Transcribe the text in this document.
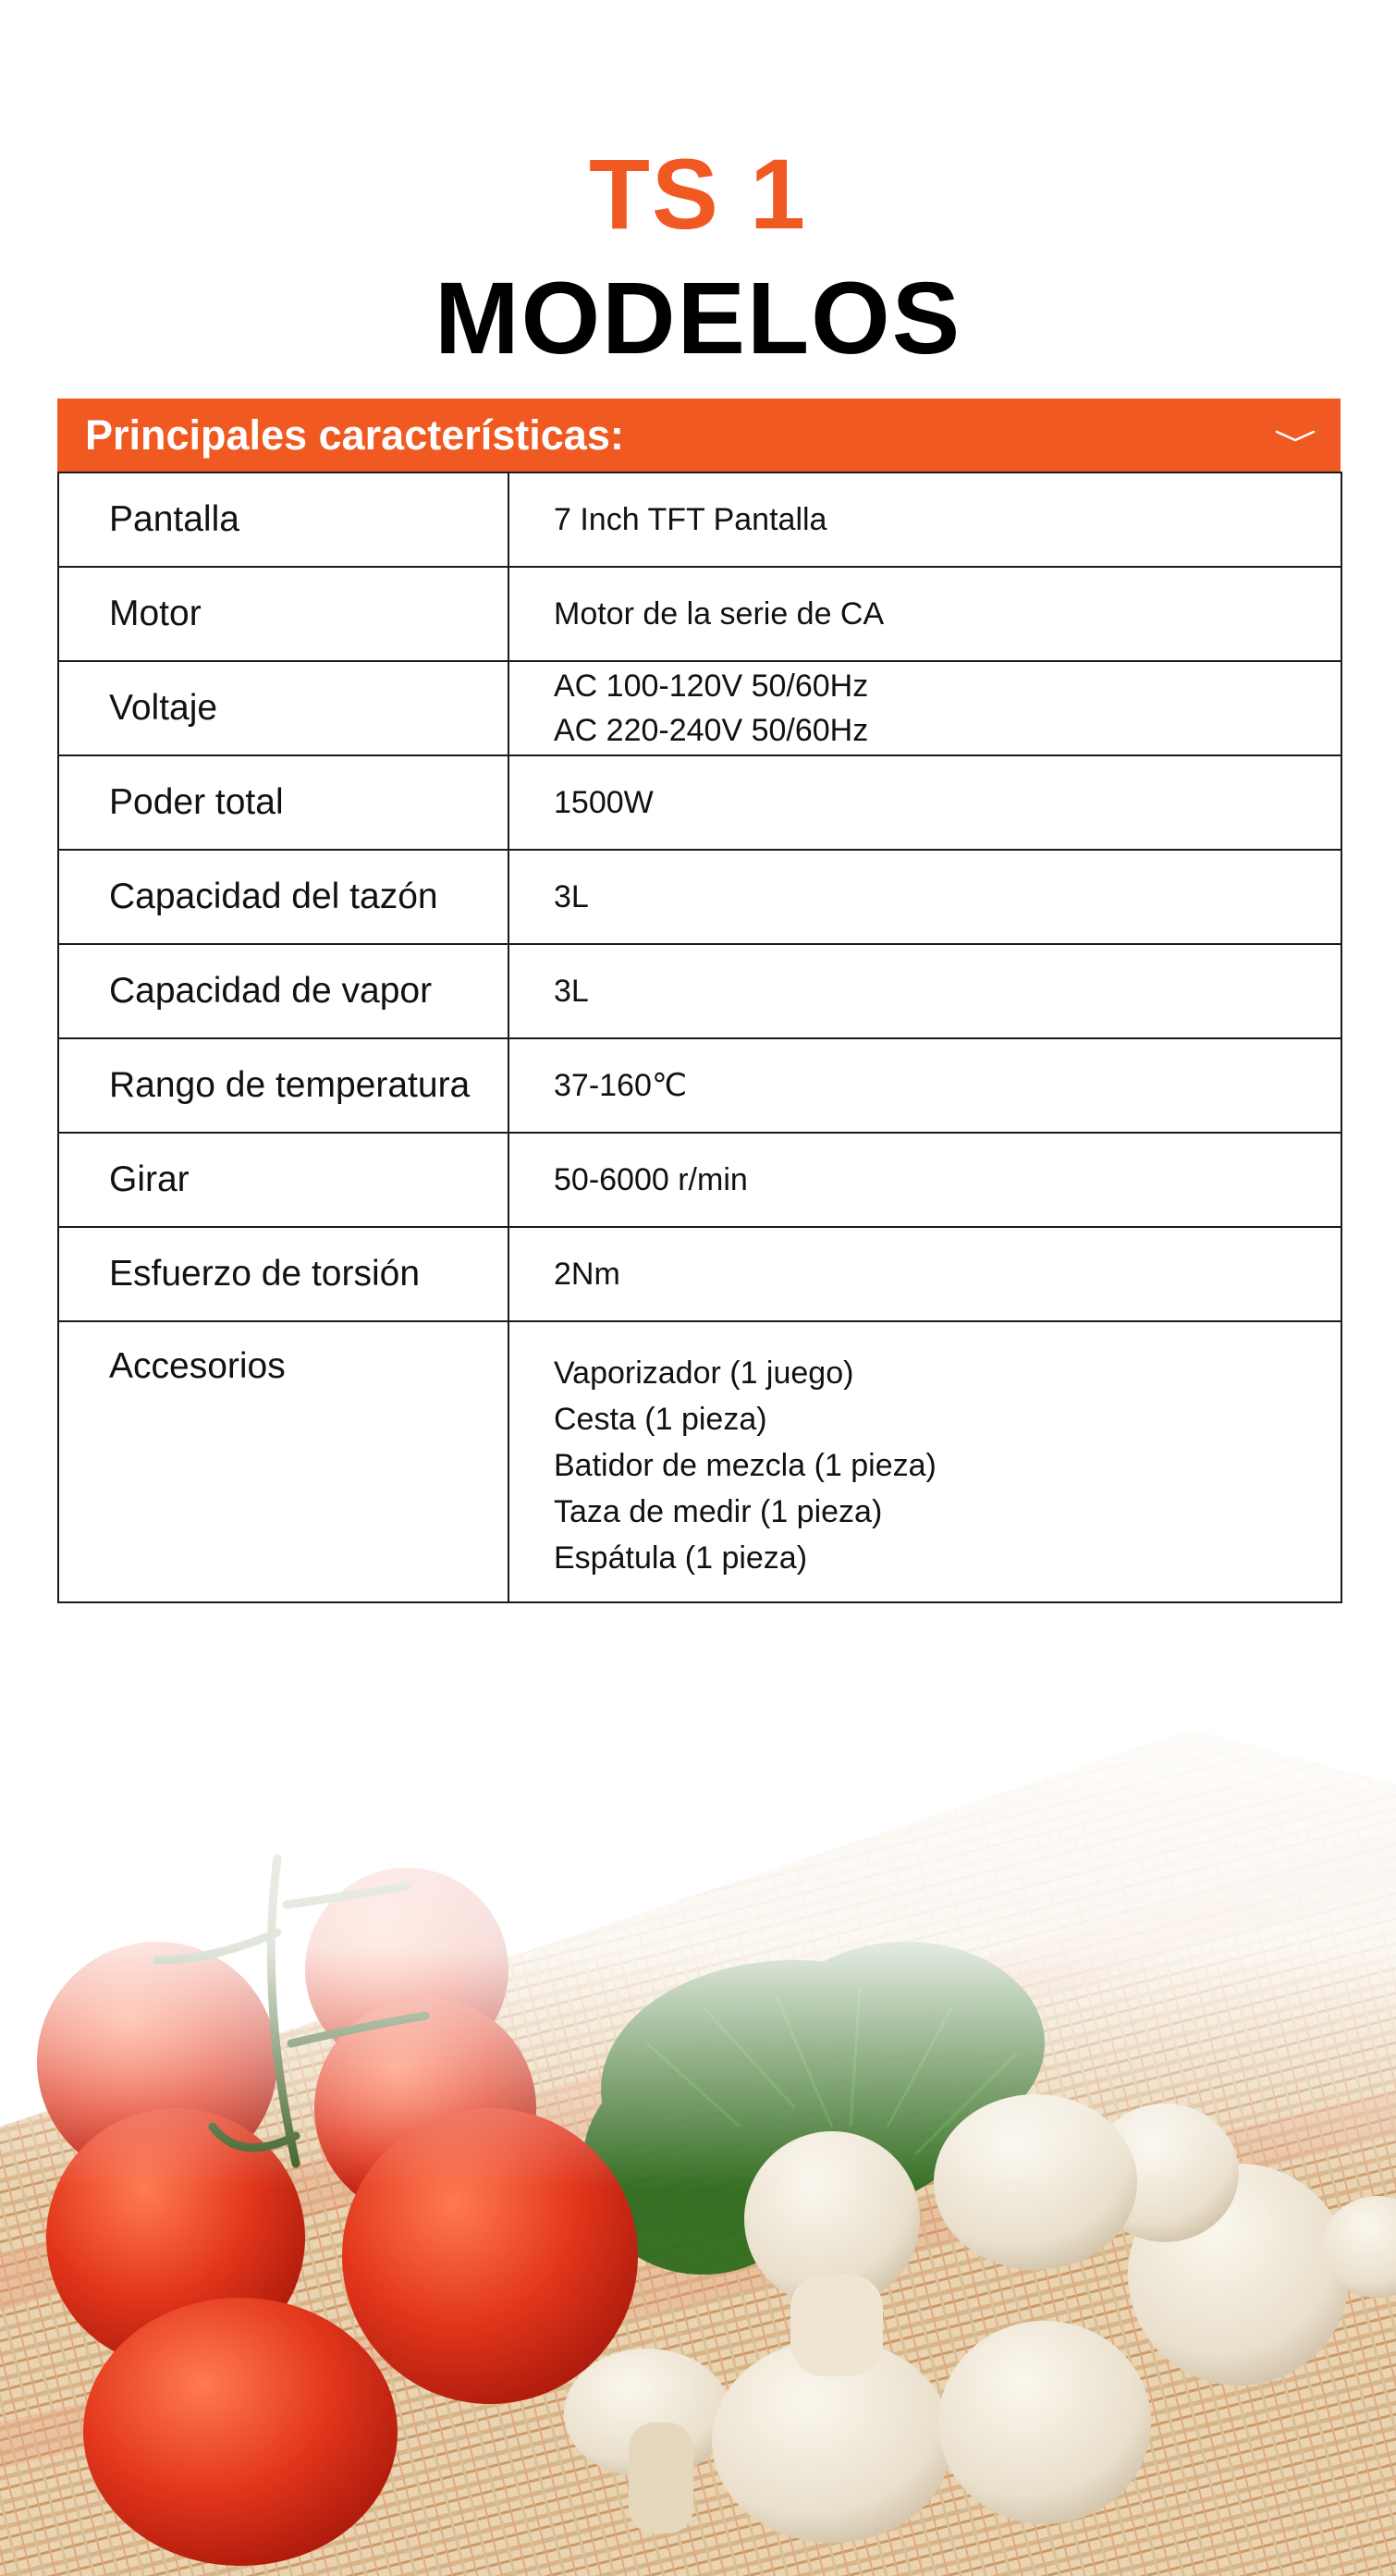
TS 1
MODELOS
Principales características:
Pantalla	7 Inch TFT Pantalla

Motor	Motor de la serie de CA

Voltaje	AC 100-120V 50/60Hz
AC 220-240V 50/60Hz

Poder total	1500W

Capacidad del tazón	3L

Capacidad de vapor	3L

Rango de temperatura	37-160℃

Girar	50-6000 r/min

Esfuerzo de torsión	2Nm

Accesorios	Vaporizador (1 juego)
Cesta (1 pieza)
Batidor de mezcla (1 pieza)
Taza de medir (1 pieza)
Espátula (1 pieza)
